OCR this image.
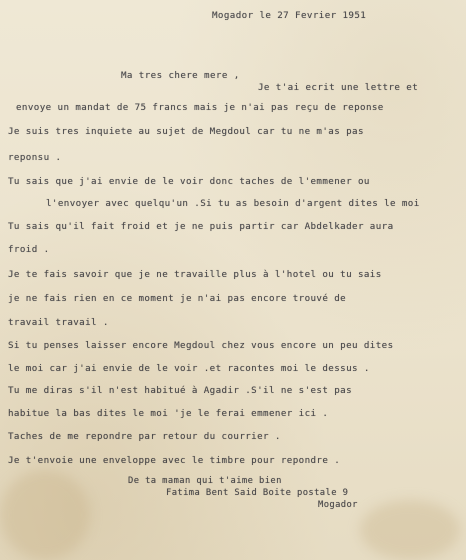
Mogador le 27 Fevrier 1951
Ma tres chere mere ,
Je t'ai ecrit une lettre et
envoye un mandat de 75 francs mais je n'ai pas reçu de reponse
Je suis tres inquiete au sujet de Megdoul car tu ne m'as pas
reponsu .
Tu sais que j'ai envie de le voir donc taches de l'emmener ou
l'envoyer avec quelqu'un .Si tu as besoin d'argent dites le moi
Tu sais qu'il fait froid et je ne puis partir car Abdelkader aura
froid .
Je te fais savoir que je ne travaille plus à l'hotel ou tu sais
je ne fais rien en ce moment je n'ai pas encore trouvé de
travail travail .
Si tu penses laisser encore Megdoul chez vous encore un peu dites
le moi car j'ai envie de le voir .et racontes moi le dessus .
Tu me diras s'il n'est habitué à Agadir .S'il ne s'est pas
habitue la bas dites le moi 'je le ferai emmener ici .
Taches de me repondre par retour du courrier .
Je t'envoie une enveloppe avec le timbre pour repondre .
De ta maman qui t'aime bien
Fatima Bent Said Boite postale 9
Mogador
